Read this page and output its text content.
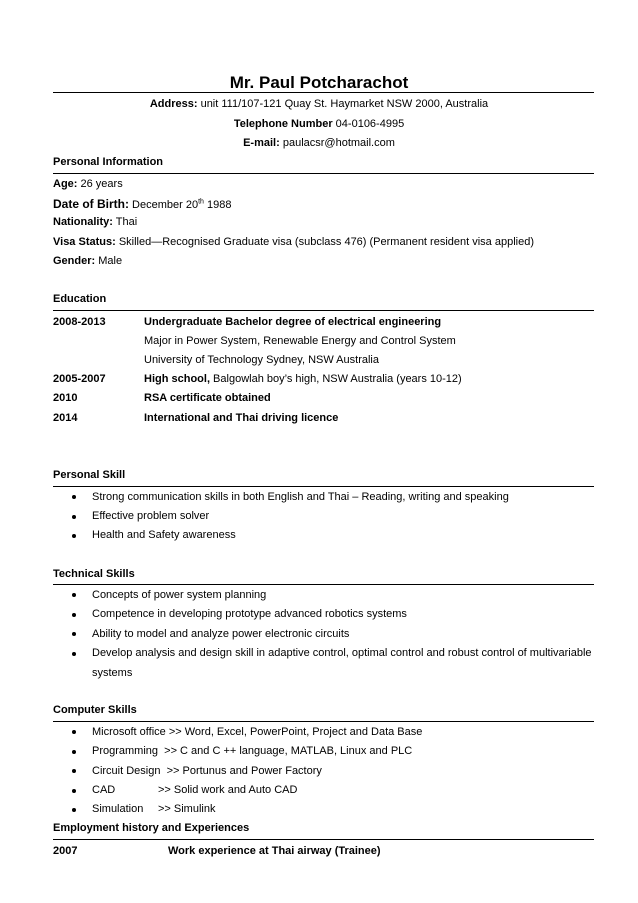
Mr. Paul Potcharachot
Address: unit 111/107-121 Quay St. Haymarket NSW 2000, Australia
Telephone Number 04-0106-4995
E-mail: paulacsr@hotmail.com
Personal Information
Age: 26 years
Date of Birth: December 20th 1988
Nationality: Thai
Visa Status: Skilled—Recognised Graduate visa (subclass 476) (Permanent resident visa applied)
Gender: Male
Education
2008-2013	Undergraduate Bachelor degree of electrical engineering
Major in Power System, Renewable Energy and Control System
University of Technology Sydney, NSW Australia
2005-2007	High school, Balgowlah boy’s high, NSW Australia (years 10-12)
2010	RSA certificate obtained
2014	International and Thai driving licence
Personal Skill
Strong communication skills in both English and Thai – Reading, writing and speaking
Effective problem solver
Health and Safety awareness
Technical Skills
Concepts of power system planning
Competence in developing prototype advanced robotics systems
Ability to model and analyze power electronic circuits
Develop analysis and design skill in adaptive control, optimal control and robust control of multivariable
systems
Computer Skills
Microsoft office >> Word, Excel, PowerPoint, Project and Data Base
Programming  >> C and C ++ language, MATLAB, Linux and PLC
Circuit Design  >> Portunus and Power Factory
CAD	>> Solid work and Auto CAD
Simulation >> Simulink
Employment history and Experiences
2007	Work experience at Thai airway (Trainee)
